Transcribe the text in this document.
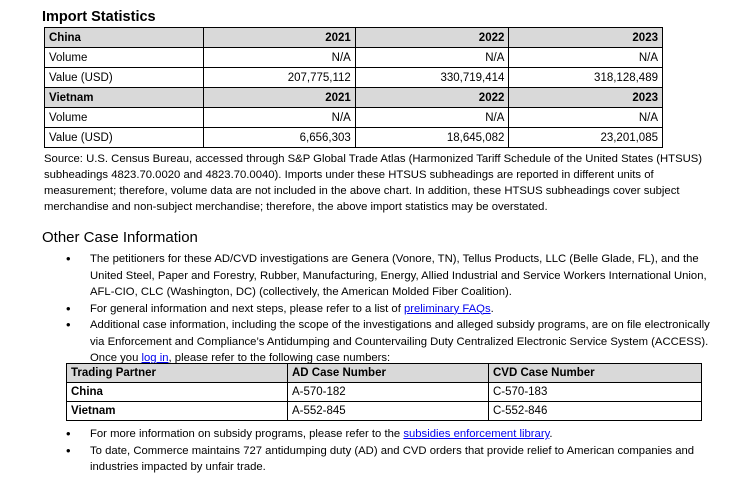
Import Statistics
China	2021	2022	2023
Volume	N/A	N/A	N/A
Value (USD)	207,775,112	330,719,414	318,128,489
Vietnam	2021	2022	2023
Volume	N/A	N/A	N/A
Value (USD)	6,656,303	18,645,082	23,201,085

Source: U.S. Census Bureau, accessed through S&P Global Trade Atlas (Harmonized Tariff Schedule of the United States (HTSUS) subheadings 4823.70.0020 and 4823.70.0040). Imports under these HTSUS subheadings are reported in different units of measurement; therefore, volume data are not included in the above chart. In addition, these HTSUS subheadings cover subject merchandise and non-subject merchandise; therefore, the above import statistics may be overstated.

Other Case Information
• The petitioners for these AD/CVD investigations are Genera (Vonore, TN), Tellus Products, LLC (Belle Glade, FL), and the United Steel, Paper and Forestry, Rubber, Manufacturing, Energy, Allied Industrial and Service Workers International Union, AFL-CIO, CLC (Washington, DC) (collectively, the American Molded Fiber Coalition).
• For general information and next steps, please refer to a list of preliminary FAQs.
• Additional case information, including the scope of the investigations and alleged subsidy programs, are on file electronically via Enforcement and Compliance’s Antidumping and Countervailing Duty Centralized Electronic Service System (ACCESS). Once you log in, please refer to the following case numbers:
Trading Partner	AD Case Number	CVD Case Number
China	A-570-182	C-570-183
Vietnam	A-552-845	C-552-846
• For more information on subsidy programs, please refer to the subsidies enforcement library.
• To date, Commerce maintains 727 antidumping duty (AD) and CVD orders that provide relief to American companies and industries impacted by unfair trade.
